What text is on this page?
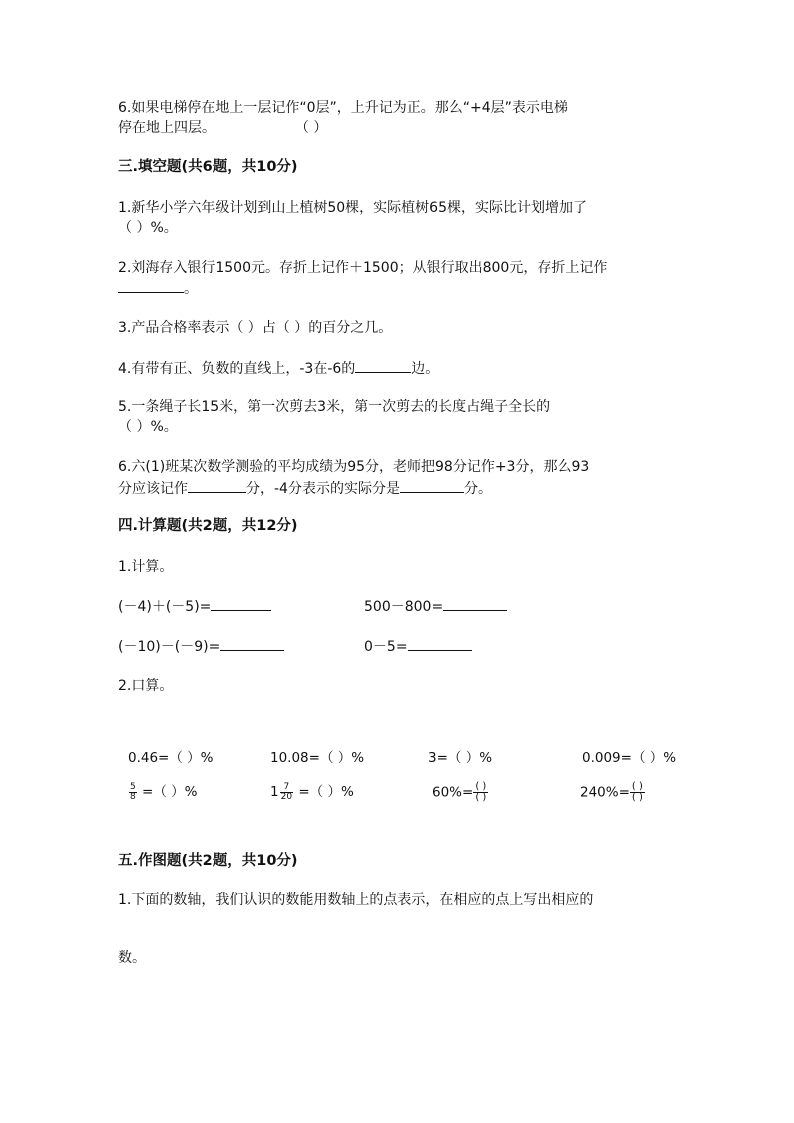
6.如果电梯停在地上一层记作“0层”，上升记为正。那么“+4层”表示电梯
停在地上四层。	（ ）
三.填空题(共6题，共10分)
1.新华小学六年级计划到山上植树50棵，实际植树65棵，实际比计划增加了
（ ）%。
2.刘海存入银行1500元。存折上记作＋1500；从银行取出800元，存折上记作
。
3.产品合格率表示（ ）占（ ）的百分之几。
4.有带有正、负数的直线上，-3在-6的	边。
5.一条绳子长15米，第一次剪去3米，第一次剪去的长度占绳子全长的
（ ）%。
6.六(1)班某次数学测验的平均成绩为95分，老师把98分记作+3分，那么93
分应该记作	分，-4分表示的实际分是	分。
四.计算题(共2题，共12分)
1.计算。
(－4)＋(－5)=	500－800=
(－10)－(－9)=	0－5=
2.口算。
0.46=（ ）%	10.08=（ ）%	3=（ ）%	0.009=（ ）%
$\frac{5}{8}$ =（ ）%	$1 \frac{7}{20}$ =（ ）%	$60\%= \frac{( )}{( )}$	$240\%= \frac{( )}{( )}$
五.作图题(共2题，共10分)
1.下面的数轴，我们认识的数能用数轴上的点表示，在相应的点上写出相应的
数。
